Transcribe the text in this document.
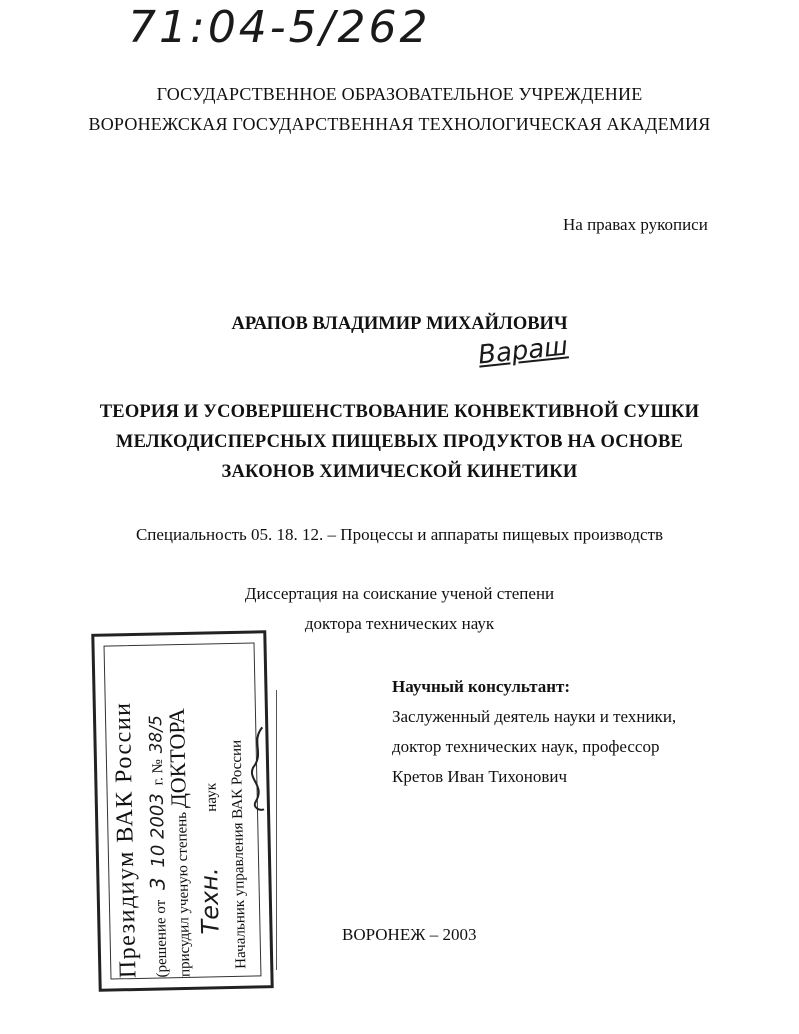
71:04-5/262
ГОСУДАРСТВЕННОЕ ОБРАЗОВАТЕЛЬНОЕ УЧРЕЖДЕНИЕ
ВОРОНЕЖСКАЯ ГОСУДАРСТВЕННАЯ ТЕХНОЛОГИЧЕСКАЯ АКАДЕМИЯ
На правах рукописи
АРАПОВ ВЛАДИМИР МИХАЙЛОВИЧ
Вараш
ТЕОРИЯ И УСОВЕРШЕНСТВОВАНИЕ КОНВЕКТИВНОЙ СУШКИ
МЕЛКОДИСПЕРСНЫХ ПИЩЕВЫХ ПРОДУКТОВ НА ОСНОВЕ
ЗАКОНОВ ХИМИЧЕСКОЙ КИНЕТИКИ
Специальность 05. 18. 12. – Процессы и аппараты пищевых производств
Диссертация на соискание ученой степени
доктора технических наук
Научный консультант:
Заслуженный деятель науки и техники,
доктор технических наук, профессор
Кретов Иван Тихонович
ВОРОНЕЖ – 2003
Президиум ВАК России (решение от 3 10 2003 г. № 38/5
присудил ученую степень ДОКТОРА
Техн. наук Начальник управления ВАК России
